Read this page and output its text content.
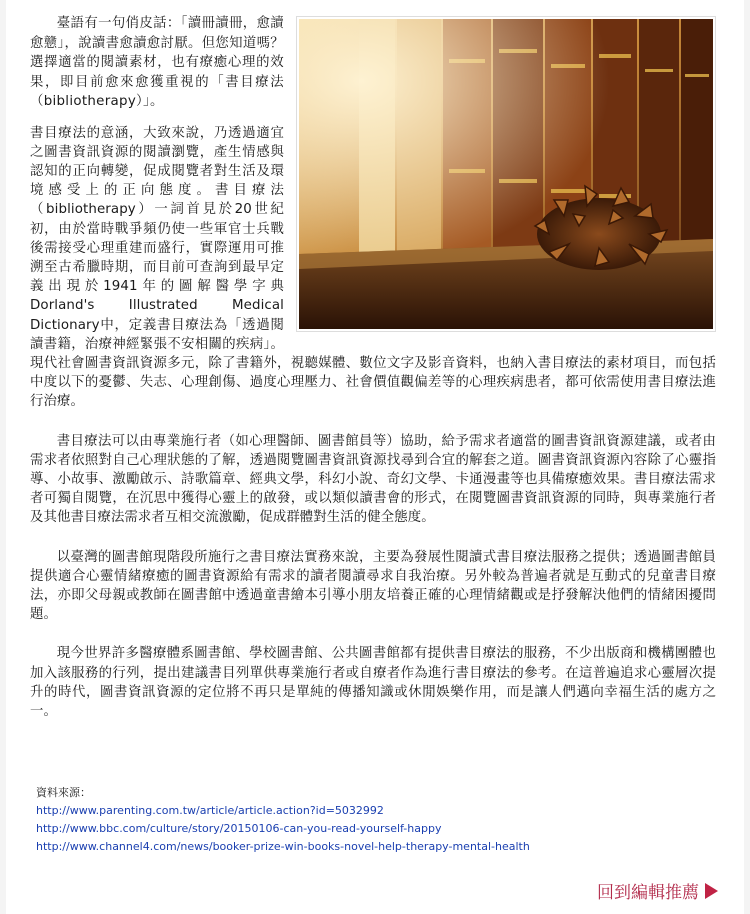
臺語有一句俏皮話：「讀冊讀冊，愈讀愈戆」，說讀書愈讀愈討厭。但您知道嗎？選擇適當的閱讀素材，也有療癒心理的效果，即目前愈來愈獲重視的「書目療法（bibliotherapy）」。

書目療法的意涵，大致來說，乃透過適宜之圖書資訊資源的閱讀瀏覽，產生情感與認知的正向轉變，促成閱覽者對生活及環境感受上的正向態度。書目療法（bibliotherapy）一詞首見於20世紀初，由於當時戰爭頻仍使一些軍官士兵戰後需接受心理重建而盛行，實際運用可推溯至古希臘時期，而目前可查詢到最早定義出現於1941年的圖解醫學字典Dorland's Illustrated Medical Dictionary中，定義書目療法為「透過閱讀書籍，治療神經緊張不安相關的疾病」。現代社會圖書資訊資源多元，除了書籍外，視聽媒體、數位文字及影音資料，也納入書目療法的素材項目，而包括中度以下的憂鬱、失志、心理創傷、過度心理壓力、社會價值觀偏差等的心理疾病患者，都可依需使用書目療法進行治療。

書目療法可以由專業施行者（如心理醫師、圖書館員等）協助，給予需求者適當的圖書資訊資源建議，或者由需求者依照對自己心理狀態的了解，透過閱覽圖書資訊資源找尋到合宜的解套之道。圖書資訊資源內容除了心靈指導、小故事、激勵啟示、詩歌篇章、經典文學，科幻小說、奇幻文學、卡通漫畫等也具備療癒效果。書目療法需求者可獨自閱覽，在沉思中獲得心靈上的啟發，或以類似讀書會的形式，在閱覽圖書資訊資源的同時，與專業施行者及其他書目療法需求者互相交流激勵，促成群體對生活的健全態度。

以臺灣的圖書館現階段所施行之書目療法實務來說，主要為發展性閱讀式書目療法服務之提供；透過圖書館員提供適合心靈情緒療癒的圖書資源給有需求的讀者閱讀尋求自我治療。另外較為普遍者就是互動式的兒童書目療法，亦即父母親或教師在圖書館中透過童書繪本引導小朋友培養正確的心理情緒觀或是抒發解決他們的情緒困擾問題。

現今世界許多醫療體系圖書館、學校圖書館、公共圖書館都有提供書目療法的服務，不少出版商和機構團體也加入該服務的行列，提出建議書目列單供專業施行者或自療者作為進行書目療法的參考。在這普遍追求心靈層次提升的時代，圖書資訊資源的定位將不再只是單純的傳播知識或休閒娛樂作用，而是讓人們邁向幸福生活的處方之一。

資料來源：
http://www.parenting.com.tw/article/article.action?id=5032992
http://www.bbc.com/culture/story/20150106-can-you-read-yourself-happy
http://www.channel4.com/news/booker-prize-win-books-novel-help-therapy-mental-health
回到編輯推薦
